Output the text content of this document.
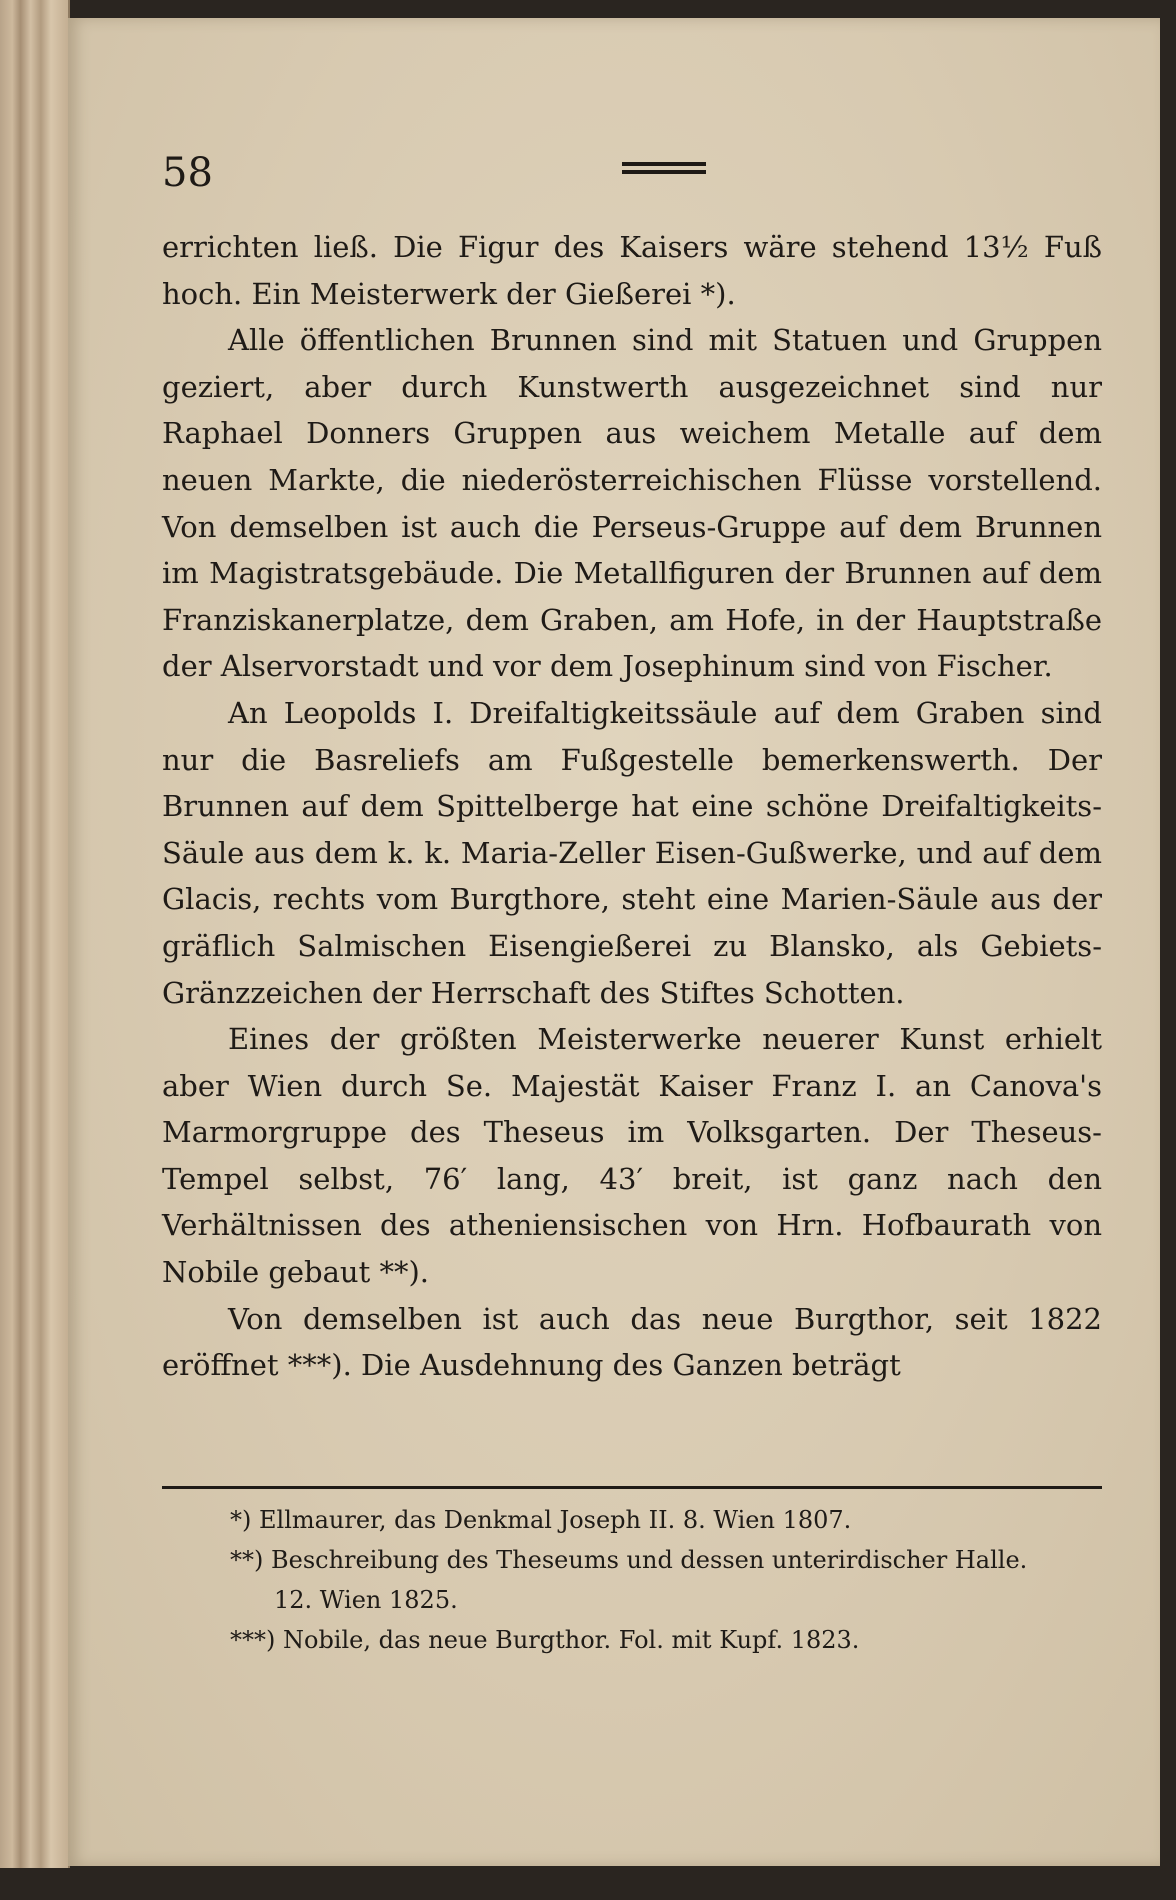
58

errichten ließ. Die Figur des Kaisers wäre stehend 13½ Fuß hoch. Ein Meisterwerk der Gießerei *).

Alle öffentlichen Brunnen sind mit Statuen und Gruppen geziert, aber durch Kunstwerth ausgezeichnet sind nur Raphael Donners Gruppen aus weichem Metalle auf dem neuen Markte, die niederösterreichischen Flüsse vorstellend. Von demselben ist auch die Perseus-Gruppe auf dem Brunnen im Magistratsgebäude. Die Metallfiguren der Brunnen auf dem Franziskanerplatze, dem Graben, am Hofe, in der Hauptstraße der Alservorstadt und vor dem Josephinum sind von Fischer.

An Leopolds I. Dreifaltigkeitssäule auf dem Graben sind nur die Basreliefs am Fußgestelle bemerkenswerth. Der Brunnen auf dem Spittelberge hat eine schöne Dreifaltigkeits-Säule aus dem k. k. Maria-Zeller Eisen-Gußwerke, und auf dem Glacis, rechts vom Burgthore, steht eine Marien-Säule aus der gräflich Salmischen Eisengießerei zu Blansko, als Gebiets-Gränzzeichen der Herrschaft des Stiftes Schotten.

Eines der größten Meisterwerke neuerer Kunst erhielt aber Wien durch Se. Majestät Kaiser Franz I. an Canova's Marmorgruppe des Theseus im Volksgarten. Der Theseus-Tempel selbst, 76′ lang, 43′ breit, ist ganz nach den Verhältnissen des atheniensischen von Hrn. Hofbaurath von Nobile gebaut **).

Von demselben ist auch das neue Burgthor, seit 1822 eröffnet ***). Die Ausdehnung des Ganzen beträgt

*) Ellmaurer, das Denkmal Joseph II. 8. Wien 1807.

**) Beschreibung des Theseums und dessen unterirdischer Halle.

12. Wien 1825.

***) Nobile, das neue Burgthor. Fol. mit Kupf. 1823.
